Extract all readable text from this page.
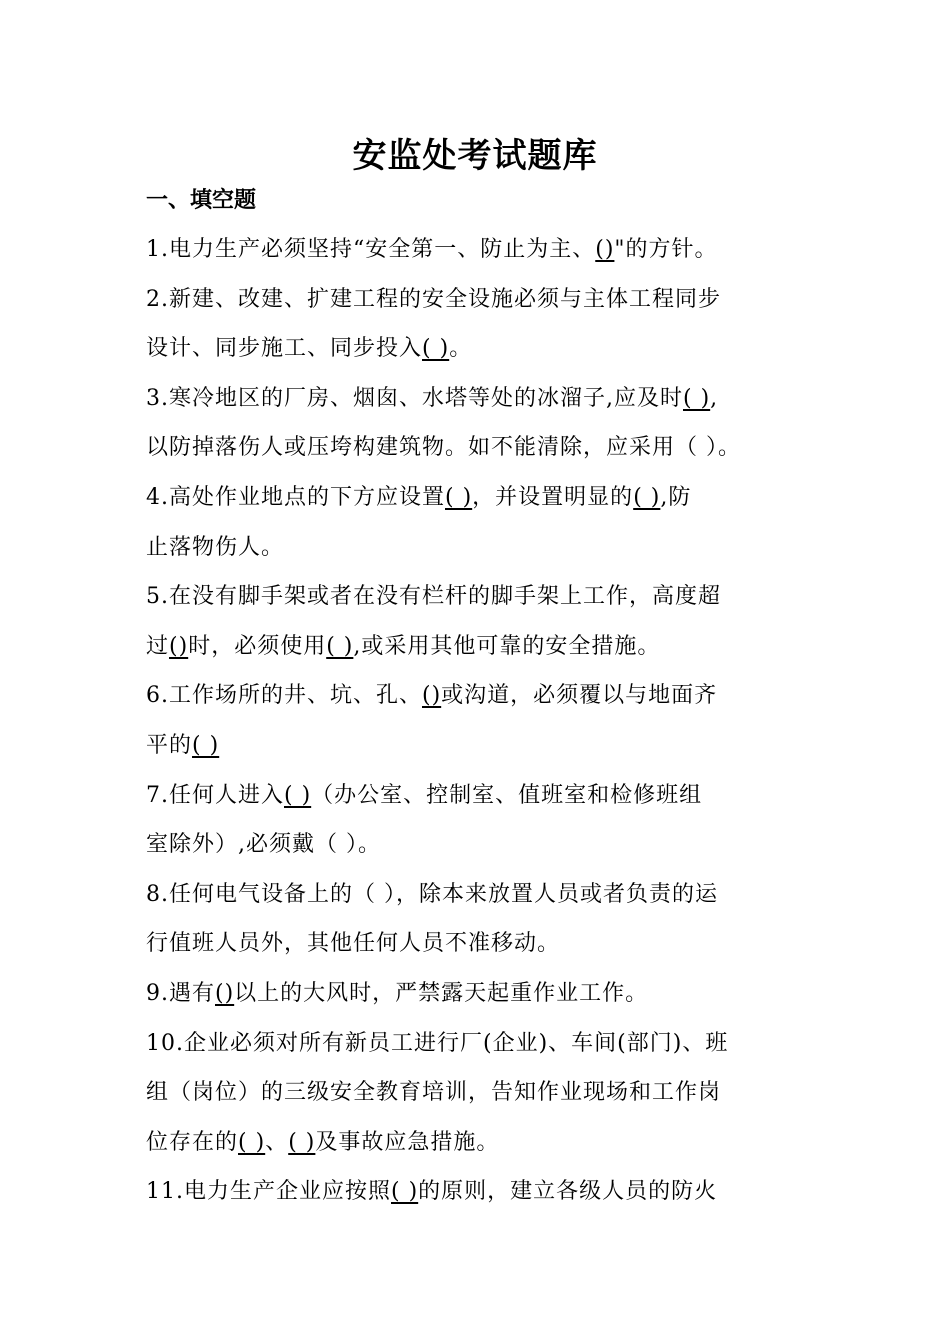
安监处考试题库
一、填空题
1.电力生产必须坚持“安全第一、防止为主、()"的方针。
2.新建、改建、扩建工程的安全设施必须与主体工程同步
设计、同步施工、同步投入( )。
3.寒冷地区的厂房、烟囱、水塔等处的冰溜子,应及时( ),
以防掉落伤人或压垮构建筑物。如不能清除，应采用（ ）。
4.高处作业地点的下方应设置( )，并设置明显的( ),防
止落物伤人。
5.在没有脚手架或者在没有栏杆的脚手架上工作，高度超
过()时，必须使用( ),或采用其他可靠的安全措施。
6.工作场所的井、坑、孔、()或沟道，必须覆以与地面齐
平的( )
7.任何人进入( )（办公室、控制室、值班室和检修班组
室除外）,必须戴（ ）。
8.任何电气设备上的（ ），除本来放置人员或者负责的运
行值班人员外，其他任何人员不准移动。
9.遇有()以上的大风时，严禁露天起重作业工作。
10.企业必须对所有新员工进行厂(企业)、车间(部门)、班
组（岗位）的三级安全教育培训，告知作业现场和工作岗
位存在的( )、( )及事故应急措施。
11.电力生产企业应按照( )的原则，建立各级人员的防火
